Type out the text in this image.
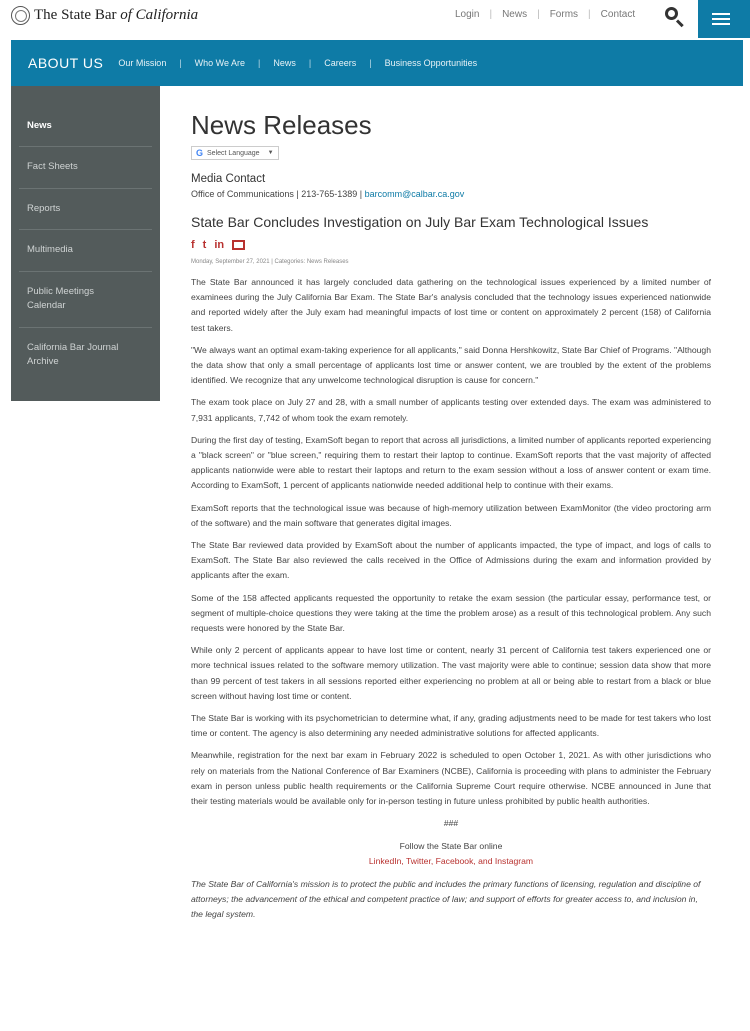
The State Bar of California	Login | News | Forms | Contact
ABOUT US Our Mission | Who We Are | News | Careers | Business Opportunities
News
Fact Sheets
Reports
Multimedia
Public Meetings Calendar
California Bar Journal Archive
News Releases
G Select Language ▼
Media Contact
Office of Communications | 213-765-1389 | barcomm@calbar.ca.gov
State Bar Concludes Investigation on July Bar Exam Technological Issues
f t in
Monday, September 27, 2021 | Categories: News Releases

The State Bar announced it has largely concluded data gathering on the technological issues experienced by a limited number of examinees during the July California Bar Exam. The State Bar's analysis concluded that the technology issues experienced nationwide and reported widely after the July exam had meaningful impacts of lost time or content on approximately 2 percent (158) of California test takers.

"We always want an optimal exam-taking experience for all applicants," said Donna Hershkowitz, State Bar Chief of Programs. "Although the data show that only a small percentage of applicants lost time or answer content, we are troubled by the extent of the problems identified. We recognize that any unwelcome technological disruption is cause for concern."

The exam took place on July 27 and 28, with a small number of applicants testing over extended days. The exam was administered to 7,931 applicants, 7,742 of whom took the exam remotely.

During the first day of testing, ExamSoft began to report that across all jurisdictions, a limited number of applicants reported experiencing a "black screen" or "blue screen," requiring them to restart their laptop to continue. ExamSoft reports that the vast majority of affected applicants nationwide were able to restart their laptops and return to the exam session without a loss of answer content or exam time. According to ExamSoft, 1 percent of applicants nationwide needed additional help to continue with their exams.

ExamSoft reports that the technological issue was because of high-memory utilization between ExamMonitor (the video proctoring arm of the software) and the main software that generates digital images.

The State Bar reviewed data provided by ExamSoft about the number of applicants impacted, the type of impact, and logs of calls to ExamSoft. The State Bar also reviewed the calls received in the Office of Admissions during the exam and information provided by applicants after the exam.

Some of the 158 affected applicants requested the opportunity to retake the exam session (the particular essay, performance test, or segment of multiple-choice questions they were taking at the time the problem arose) as a result of this technological problem. Any such requests were honored by the State Bar.

While only 2 percent of applicants appear to have lost time or content, nearly 31 percent of California test takers experienced one or more technical issues related to the software memory utilization. The vast majority were able to continue; session data show that more than 99 percent of test takers in all sessions reported either experiencing no problem at all or being able to restart from a black or blue screen without having lost time or content.

The State Bar is working with its psychometrician to determine what, if any, grading adjustments need to be made for test takers who lost time or content. The agency is also determining any needed administrative solutions for affected applicants.

Meanwhile, registration for the next bar exam in February 2022 is scheduled to open October 1, 2021. As with other jurisdictions who rely on materials from the National Conference of Bar Examiners (NCBE), California is proceeding with plans to administer the February exam in person unless public health requirements or the California Supreme Court require otherwise. NCBE announced in June that their testing materials would be available only for in-person testing in future unless prohibited by public health authorities.

###
Follow the State Bar online
LinkedIn, Twitter, Facebook, and Instagram
The State Bar of California's mission is to protect the public and includes the primary functions of licensing, regulation and discipline of attorneys; the advancement of the ethical and competent practice of law; and support of efforts for greater access to, and inclusion in, the legal system.
